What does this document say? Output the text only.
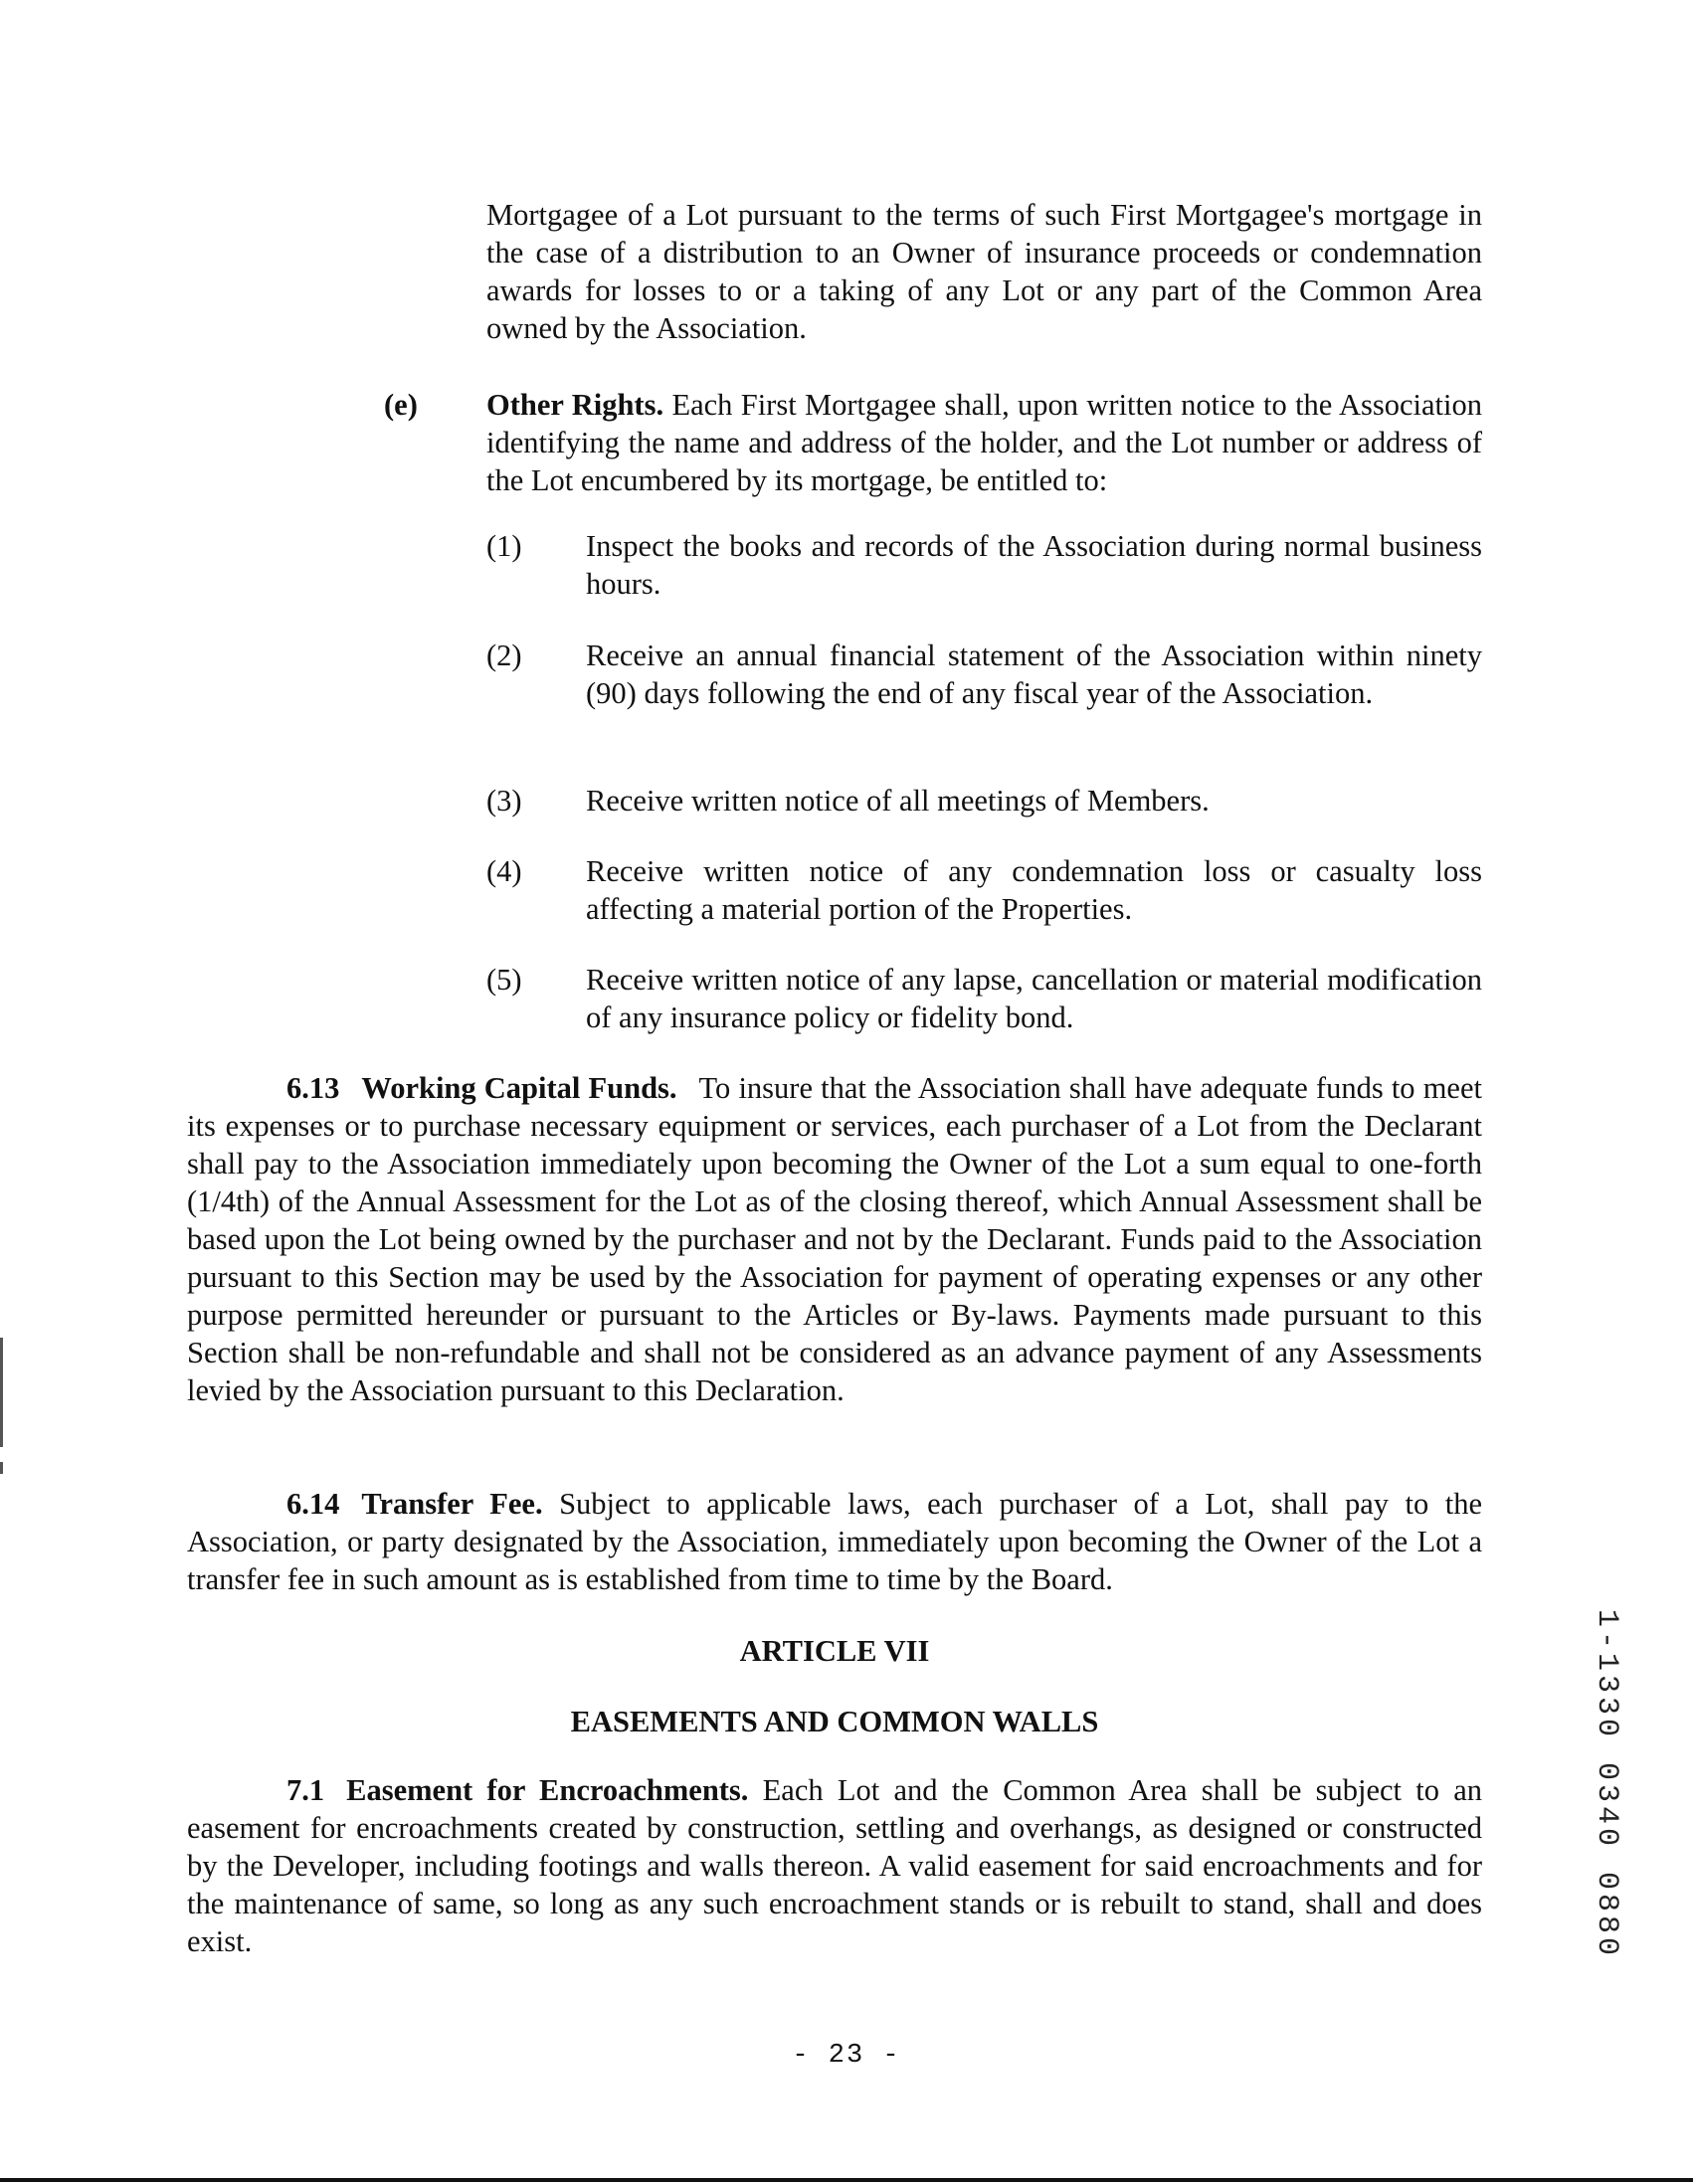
Mortgagee of a Lot pursuant to the terms of such First Mortgagee's mortgage in the case of a distribution to an Owner of insurance proceeds or condemnation awards for losses to or a taking of any Lot or any part of the Common Area owned by the Association.
(e) Other Rights. Each First Mortgagee shall, upon written notice to the Association identifying the name and address of the holder, and the Lot number or address of the Lot encumbered by its mortgage, be entitled to:
(1) Inspect the books and records of the Association during normal business hours.
(2) Receive an annual financial statement of the Association within ninety (90) days following the end of any fiscal year of the Association.
(3) Receive written notice of all meetings of Members.
(4) Receive written notice of any condemnation loss or casualty loss affecting a material portion of the Properties.
(5) Receive written notice of any lapse, cancellation or material modification of any insurance policy or fidelity bond.
6.13 Working Capital Funds. To insure that the Association shall have adequate funds to meet its expenses or to purchase necessary equipment or services, each purchaser of a Lot from the Declarant shall pay to the Association immediately upon becoming the Owner of the Lot a sum equal to one-forth (1/4th) of the Annual Assessment for the Lot as of the closing thereof, which Annual Assessment shall be based upon the Lot being owned by the purchaser and not by the Declarant. Funds paid to the Association pursuant to this Section may be used by the Association for payment of operating expenses or any other purpose permitted hereunder or pursuant to the Articles or By-laws. Payments made pursuant to this Section shall be non-refundable and shall not be considered as an advance payment of any Assessments levied by the Association pursuant to this Declaration.
6.14 Transfer Fee. Subject to applicable laws, each purchaser of a Lot, shall pay to the Association, or party designated by the Association, immediately upon becoming the Owner of the Lot a transfer fee in such amount as is established from time to time by the Board.
ARTICLE VII
EASEMENTS AND COMMON WALLS
7.1 Easement for Encroachments. Each Lot and the Common Area shall be subject to an easement for encroachments created by construction, settling and overhangs, as designed or constructed by the Developer, including footings and walls thereon. A valid easement for said encroachments and for the maintenance of same, so long as any such encroachment stands or is rebuilt to stand, shall and does exist.
- 23 -
1-1330 0340 0880
